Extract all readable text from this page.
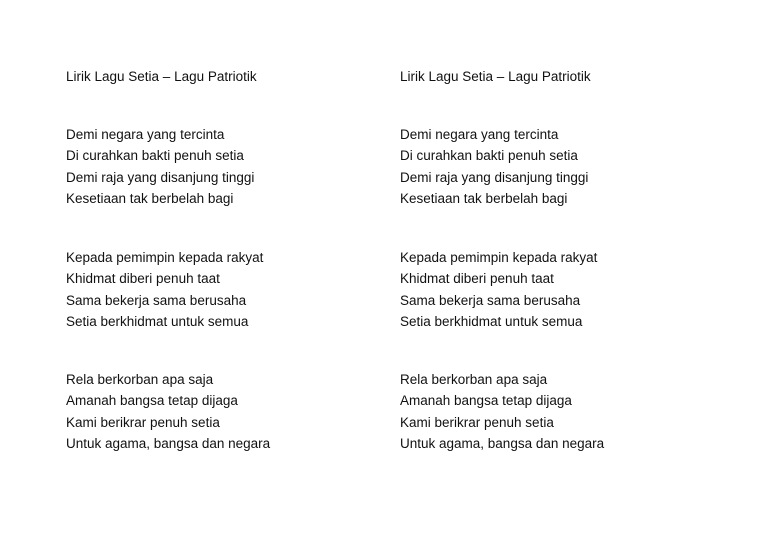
Lirik Lagu Setia – Lagu Patriotik

Demi negara yang tercinta
Di curahkan bakti penuh setia
Demi raja yang disanjung tinggi
Kesetiaan tak berbelah bagi
Kepada pemimpin kepada rakyat
Khidmat diberi penuh taat
Sama bekerja sama berusaha
Setia berkhidmat untuk semua
Rela berkorban apa saja
Amanah bangsa tetap dijaga
Kami berikrar penuh setia
Untuk agama, bangsa dan negara

Lirik Lagu Setia – Lagu Patriotik

Demi negara yang tercinta
Di curahkan bakti penuh setia
Demi raja yang disanjung tinggi
Kesetiaan tak berbelah bagi
Kepada pemimpin kepada rakyat
Khidmat diberi penuh taat
Sama bekerja sama berusaha
Setia berkhidmat untuk semua
Rela berkorban apa saja
Amanah bangsa tetap dijaga
Kami berikrar penuh setia
Untuk agama, bangsa dan negara
